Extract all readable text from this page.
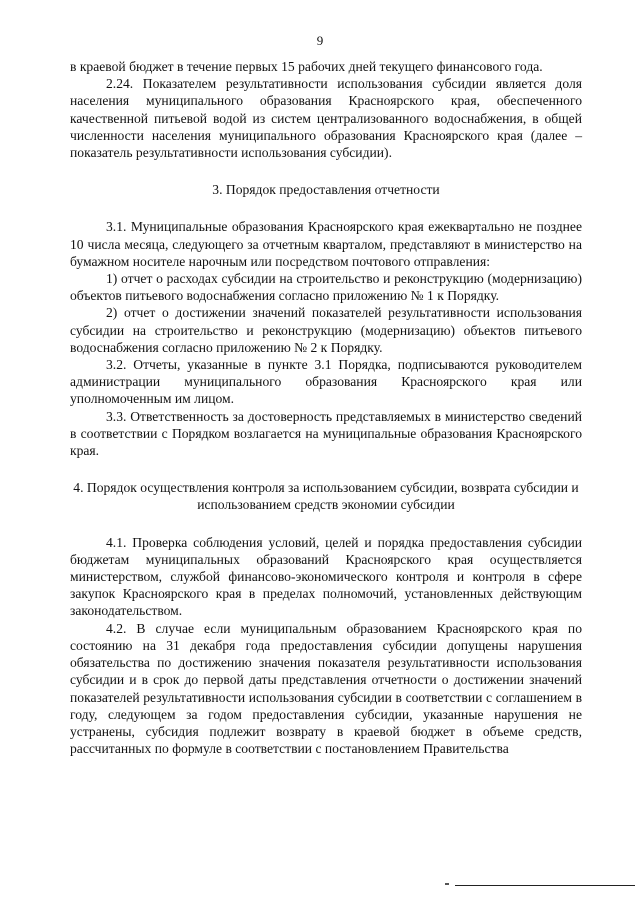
9

в краевой бюджет в течение первых 15 рабочих дней текущего финансового года.

2.24. Показателем результативности использования субсидии является доля населения муниципального образования Красноярского края, обеспеченного качественной питьевой водой из систем централизованного водоснабжения, в общей численности населения муниципального образования Красноярского края (далее – показатель результативности использования субсидии).

3. Порядок предоставления отчетности

3.1. Муниципальные образования Красноярского края ежеквартально не позднее 10 числа месяца, следующего за отчетным кварталом, представляют в министерство на бумажном носителе нарочным или посредством почтового отправления:

1) отчет о расходах субсидии на строительство и реконструкцию (модернизацию) объектов питьевого водоснабжения согласно приложению № 1 к Порядку.

2) отчет о достижении значений показателей результативности использования субсидии на строительство и реконструкцию (модернизацию) объектов питьевого водоснабжения согласно приложению № 2 к Порядку.

3.2. Отчеты, указанные в пункте 3.1 Порядка, подписываются руководителем администрации муниципального образования Красноярского края или уполномоченным им лицом.

3.3. Ответственность за достоверность представляемых в министерство сведений в соответствии с Порядком возлагается на муниципальные образования Красноярского края.

4. Порядок осуществления контроля за использованием субсидии, возврата субсидии и использованием средств экономии субсидии

4.1. Проверка соблюдения условий, целей и порядка предоставления субсидии бюджетам муниципальных образований Красноярского края осуществляется министерством, службой финансово-экономического контроля и контроля в сфере закупок Красноярского края в пределах полномочий, установленных действующим законодательством.

4.2. В случае если муниципальным образованием Красноярского края по состоянию на 31 декабря года предоставления субсидии допущены нарушения обязательства по достижению значения показателя результативности использования субсидии и в срок до первой даты представления отчетности о достижении значений показателей результативности использования субсидии в соответствии с соглашением в году, следующем за годом предоставления субсидии, указанные нарушения не устранены, субсидия подлежит возврату в краевой бюджет в объеме средств, рассчитанных по формуле в соответствии с постановлением Правительства
